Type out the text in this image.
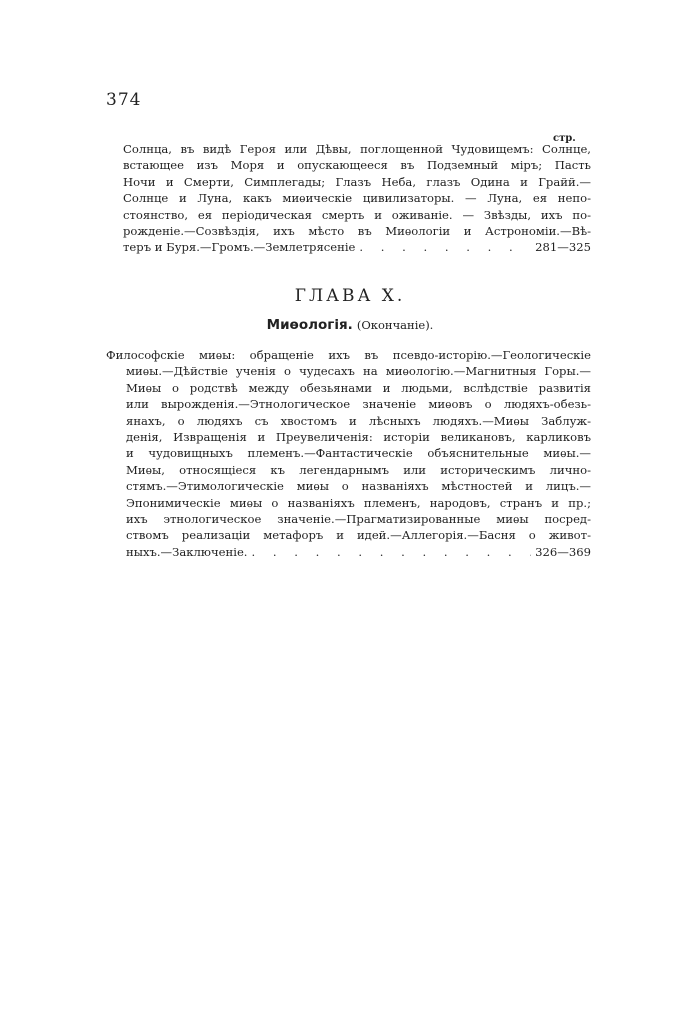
374
стр.
Солнца, въ видѣ Героя или Дѣвы, поглощенной Чудовищемъ: Солнце,
встающее изъ Моря и опускающееся въ Подземный міръ; Пасть
Ночи и Смерти, Симплегады; Глазъ Неба, глазъ Одина и Грайй.—
Солнце и Луна, какъ миѳическіе цивилизаторы. — Луна, ея непо-
стоянство, ея періодическая смерть и оживаніе. — Звѣзды, ихъ по-
рожденіе.—Созвѣздія, ихъ мѣсто въ Миѳологіи и Астрономіи.—Вѣ-
теръ и Буря.—Громъ.—Землетрясеніе . . .	281—325
ГЛАВА X.
Миѳологія. (Окончаніе).
Философскіе миѳы: обращеніе ихъ въ псевдо-исторію.—Геологическіе
миѳы.—Дѣйствіе ученія о чудесахъ на миѳологію.—Магнитныя Горы.—
Миѳы о родствѣ между обезьянами и людьми, вслѣдствіе развитія
или вырожденія.—Этнологическое значеніе миѳовъ о людяхъ-обезь-
янахъ, о людяхъ съ хвостомъ и лѣсныхъ людяхъ.—Миѳы Заблуж-
денія, Извращенія и Преувеличенія: исторіи великановъ, карликовъ
и чудовищныхъ племенъ.—Фантастическіе объяснительные миѳы.—
Миѳы, относящіеся къ легендарнымъ или историческимъ лично-
стямъ.—Этимологическіе миѳы о названіяхъ мѣстностей и лицъ.—
Эпонимическіе миѳы о названіяхъ племенъ, народовъ, странъ и пр.;
ихъ этнологическое значеніе.—Прагматизированные миѳы посред-
ствомъ реализаціи метафоръ и идей.—Аллегорія.—Басня о живот-
ныхъ.—Заключеніе. . . .	326—369
